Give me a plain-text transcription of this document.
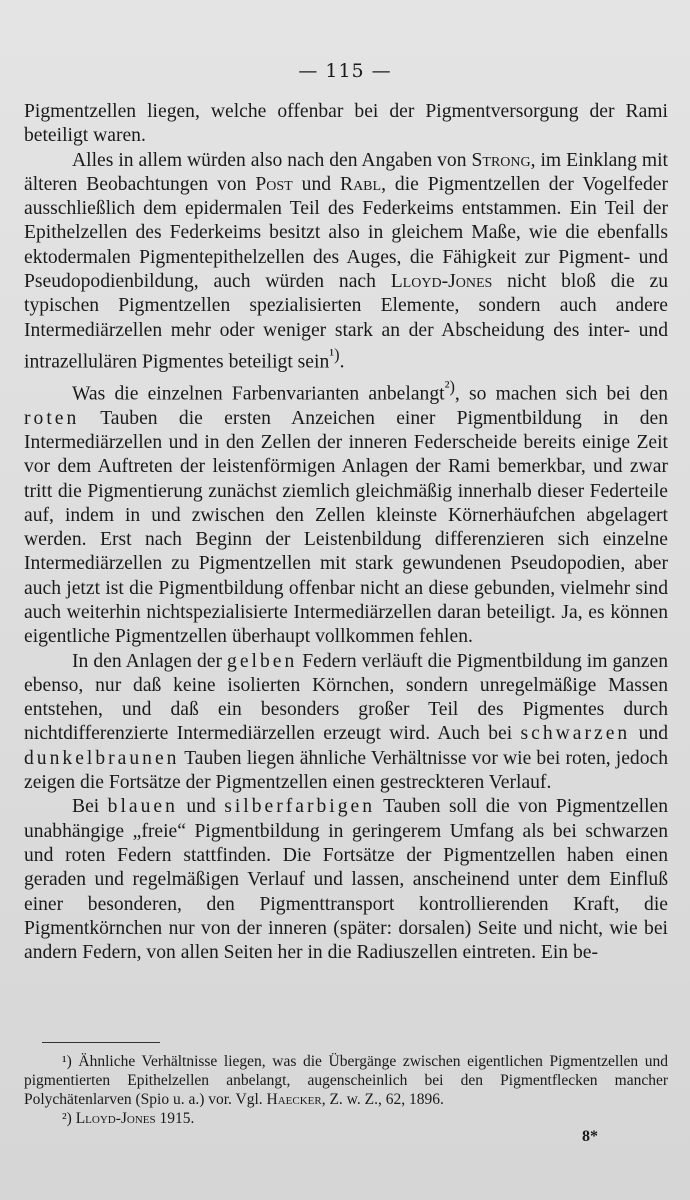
— 115 —

Pigmentzellen liegen, welche offenbar bei der Pigmentversorgung der Rami beteiligt waren.

Alles in allem würden also nach den Angaben von Strong, im Einklang mit älteren Beobachtungen von Post und Rabl, die Pigmentzellen der Vogelfeder ausschließlich dem epidermalen Teil des Federkeims entstammen. Ein Teil der Epithelzellen des Federkeims besitzt also in gleichem Maße, wie die ebenfalls ektodermalen Pigmentepithelzellen des Auges, die Fähigkeit zur Pigment- und Pseudopodienbildung, auch würden nach Lloyd-Jones nicht bloß die zu typischen Pigmentzellen spezialisierten Elemente, sondern auch andere Intermediärzellen mehr oder weniger stark an der Abscheidung des inter- und intrazellulären Pigmentes beteiligt sein$^{^1)}$.

Was die einzelnen Farbenvarianten anbelangt$^{^2)}$, so machen sich bei den roten Tauben die ersten Anzeichen einer Pigmentbildung in den Intermediärzellen und in den Zellen der inneren Federscheide bereits einige Zeit vor dem Auftreten der leistenförmigen Anlagen der Rami bemerkbar, und zwar tritt die Pigmentierung zunächst ziemlich gleichmäßig innerhalb dieser Federteile auf, indem in und zwischen den Zellen kleinste Körnerhäufchen abgelagert werden. Erst nach Beginn der Leistenbildung differenzieren sich einzelne Intermediärzellen zu Pigmentzellen mit stark gewundenen Pseudopodien, aber auch jetzt ist die Pigmentbildung offenbar nicht an diese gebunden, vielmehr sind auch weiterhin nichtspezialisierte Intermediärzellen daran beteiligt. Ja, es können eigentliche Pigmentzellen überhaupt vollkommen fehlen.

In den Anlagen der gelben Federn verläuft die Pigmentbildung im ganzen ebenso, nur daß keine isolierten Körnchen, sondern unregelmäßige Massen entstehen, und daß ein besonders großer Teil des Pigmentes durch nichtdifferenzierte Intermediärzellen erzeugt wird. Auch bei schwarzen und dunkelbraunen Tauben liegen ähnliche Verhältnisse vor wie bei roten, jedoch zeigen die Fortsätze der Pigmentzellen einen gestreckteren Verlauf.

Bei blauen und silberfarbigen Tauben soll die von Pigmentzellen unabhängige „freie“ Pigmentbildung in geringerem Umfang als bei schwarzen und roten Federn stattfinden. Die Fortsätze der Pigmentzellen haben einen geraden und regelmäßigen Verlauf und lassen, anscheinend unter dem Einfluß einer besonderen, den Pigmenttransport kontrollierenden Kraft, die Pigmentkörnchen nur von der inneren (später: dorsalen) Seite und nicht, wie bei andern Federn, von allen Seiten her in die Radiuszellen eintreten. Ein be-

¹) Ähnliche Verhältnisse liegen, was die Übergänge zwischen eigentlichen Pigmentzellen und pigmentierten Epithelzellen anbelangt, augenscheinlich bei den Pigmentflecken mancher Polychätenlarven (Spio u. a.) vor. Vgl. Haecker, Z. w. Z., 62, 1896.

²) Lloyd-Jones 1915.

8*
